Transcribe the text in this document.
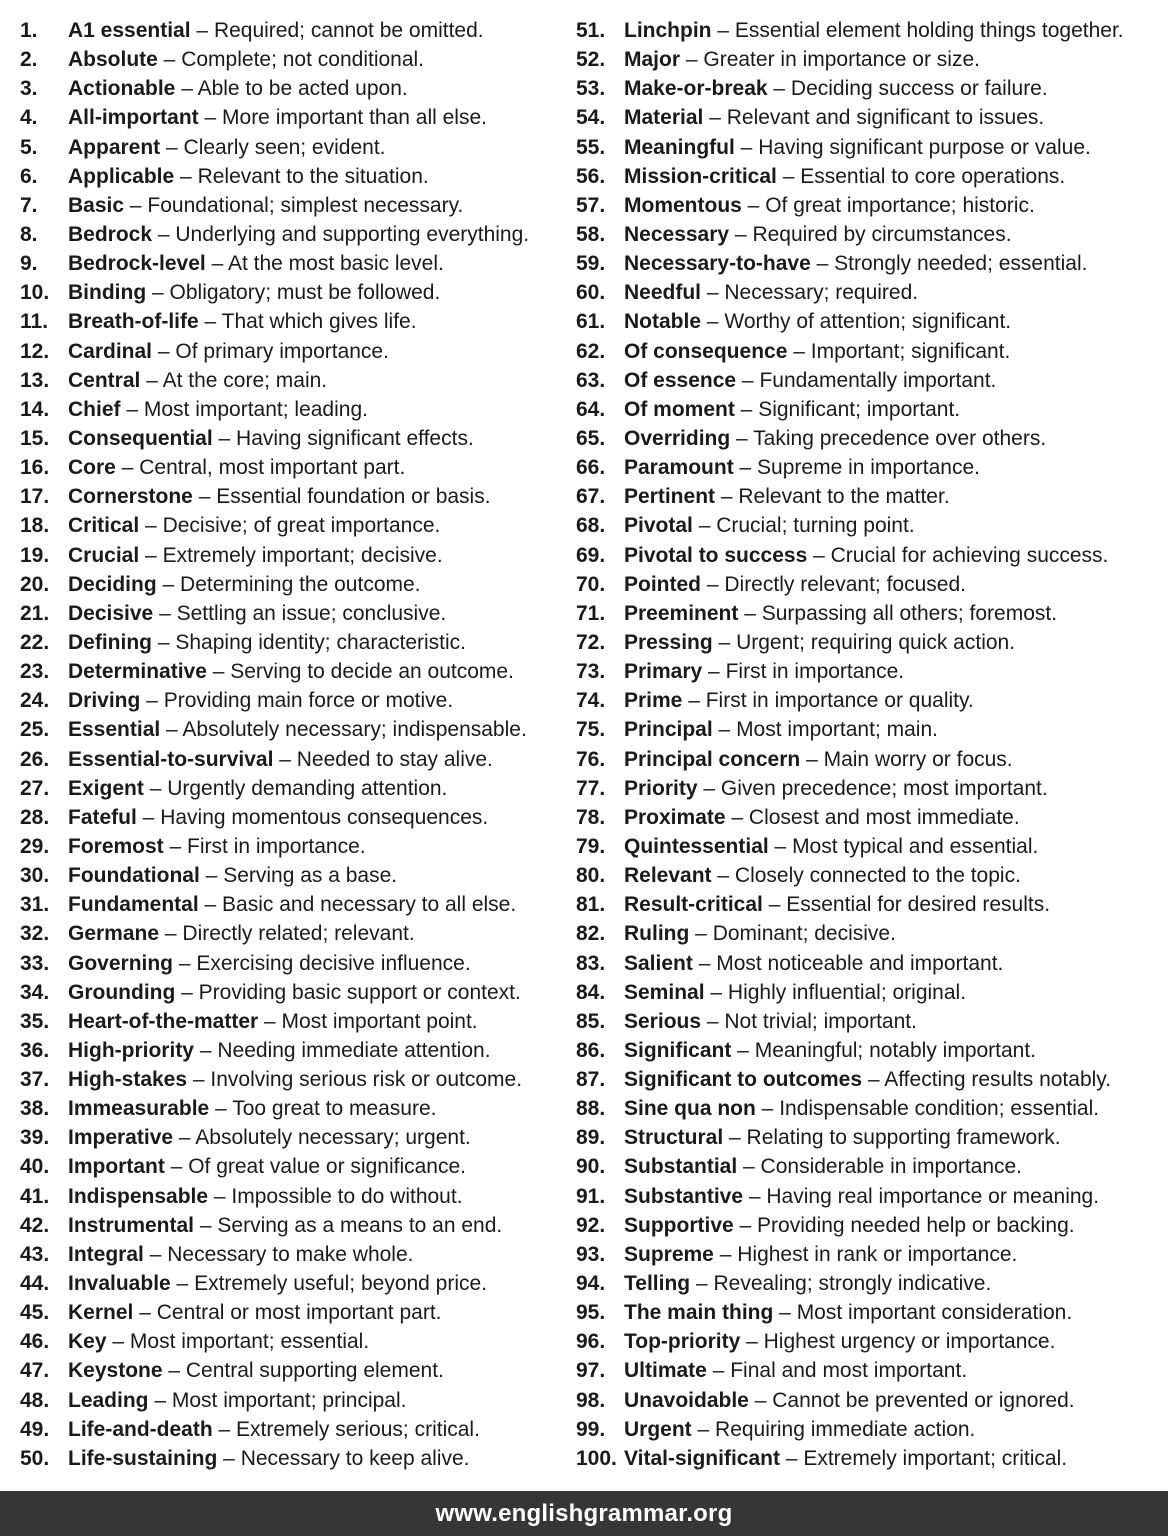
1.	A1 essential – Required; cannot be omitted.
2.	Absolute – Complete; not conditional.
3.	Actionable – Able to be acted upon.
4.	All-important – More important than all else.
5.	Apparent – Clearly seen; evident.
6.	Applicable – Relevant to the situation.
7.	Basic – Foundational; simplest necessary.
8.	Bedrock – Underlying and supporting everything.
9.	Bedrock-level – At the most basic level.
10. Binding – Obligatory; must be followed.
11. Breath-of-life – That which gives life.
12. Cardinal – Of primary importance.
13. Central – At the core; main.
14. Chief – Most important; leading.
15. Consequential – Having significant effects.
16. Core – Central, most important part.
17. Cornerstone – Essential foundation or basis.
18. Critical – Decisive; of great importance.
19. Crucial – Extremely important; decisive.
20. Deciding – Determining the outcome.
21. Decisive – Settling an issue; conclusive.
22. Defining – Shaping identity; characteristic.
23. Determinative – Serving to decide an outcome.
24. Driving – Providing main force or motive.
25. Essential – Absolutely necessary; indispensable.
26. Essential-to-survival – Needed to stay alive.
27. Exigent – Urgently demanding attention.
28. Fateful – Having momentous consequences.
29. Foremost – First in importance.
30. Foundational – Serving as a base.
31. Fundamental – Basic and necessary to all else.
32. Germane – Directly related; relevant.
33. Governing – Exercising decisive influence.
34. Grounding – Providing basic support or context.
35. Heart-of-the-matter – Most important point.
36. High-priority – Needing immediate attention.
37. High-stakes – Involving serious risk or outcome.
38. Immeasurable – Too great to measure.
39. Imperative – Absolutely necessary; urgent.
40. Important – Of great value or significance.
41. Indispensable – Impossible to do without.
42. Instrumental – Serving as a means to an end.
43. Integral – Necessary to make whole.
44. Invaluable – Extremely useful; beyond price.
45. Kernel – Central or most important part.
46. Key – Most important; essential.
47. Keystone – Central supporting element.
48. Leading – Most important; principal.
49. Life-and-death – Extremely serious; critical.
50. Life-sustaining – Necessary to keep alive.
51. Linchpin – Essential element holding things together.
52. Major – Greater in importance or size.
53. Make-or-break – Deciding success or failure.
54. Material – Relevant and significant to issues.
55. Meaningful – Having significant purpose or value.
56. Mission-critical – Essential to core operations.
57. Momentous – Of great importance; historic.
58. Necessary – Required by circumstances.
59. Necessary-to-have – Strongly needed; essential.
60. Needful – Necessary; required.
61. Notable – Worthy of attention; significant.
62. Of consequence – Important; significant.
63. Of essence – Fundamentally important.
64. Of moment – Significant; important.
65. Overriding – Taking precedence over others.
66. Paramount – Supreme in importance.
67. Pertinent – Relevant to the matter.
68. Pivotal – Crucial; turning point.
69. Pivotal to success – Crucial for achieving success.
70. Pointed – Directly relevant; focused.
71. Preeminent – Surpassing all others; foremost.
72. Pressing – Urgent; requiring quick action.
73. Primary – First in importance.
74. Prime – First in importance or quality.
75. Principal – Most important; main.
76. Principal concern – Main worry or focus.
77. Priority – Given precedence; most important.
78. Proximate – Closest and most immediate.
79. Quintessential – Most typical and essential.
80. Relevant – Closely connected to the topic.
81. Result-critical – Essential for desired results.
82. Ruling – Dominant; decisive.
83. Salient – Most noticeable and important.
84. Seminal – Highly influential; original.
85. Serious – Not trivial; important.
86. Significant – Meaningful; notably important.
87. Significant to outcomes – Affecting results notably.
88. Sine qua non – Indispensable condition; essential.
89. Structural – Relating to supporting framework.
90. Substantial – Considerable in importance.
91. Substantive – Having real importance or meaning.
92. Supportive – Providing needed help or backing.
93. Supreme – Highest in rank or importance.
94. Telling – Revealing; strongly indicative.
95. The main thing – Most important consideration.
96. Top-priority – Highest urgency or importance.
97. Ultimate – Final and most important.
98. Unavoidable – Cannot be prevented or ignored.
99. Urgent – Requiring immediate action.
100. Vital-significant – Extremely important; critical.
www.englishgrammar.org
